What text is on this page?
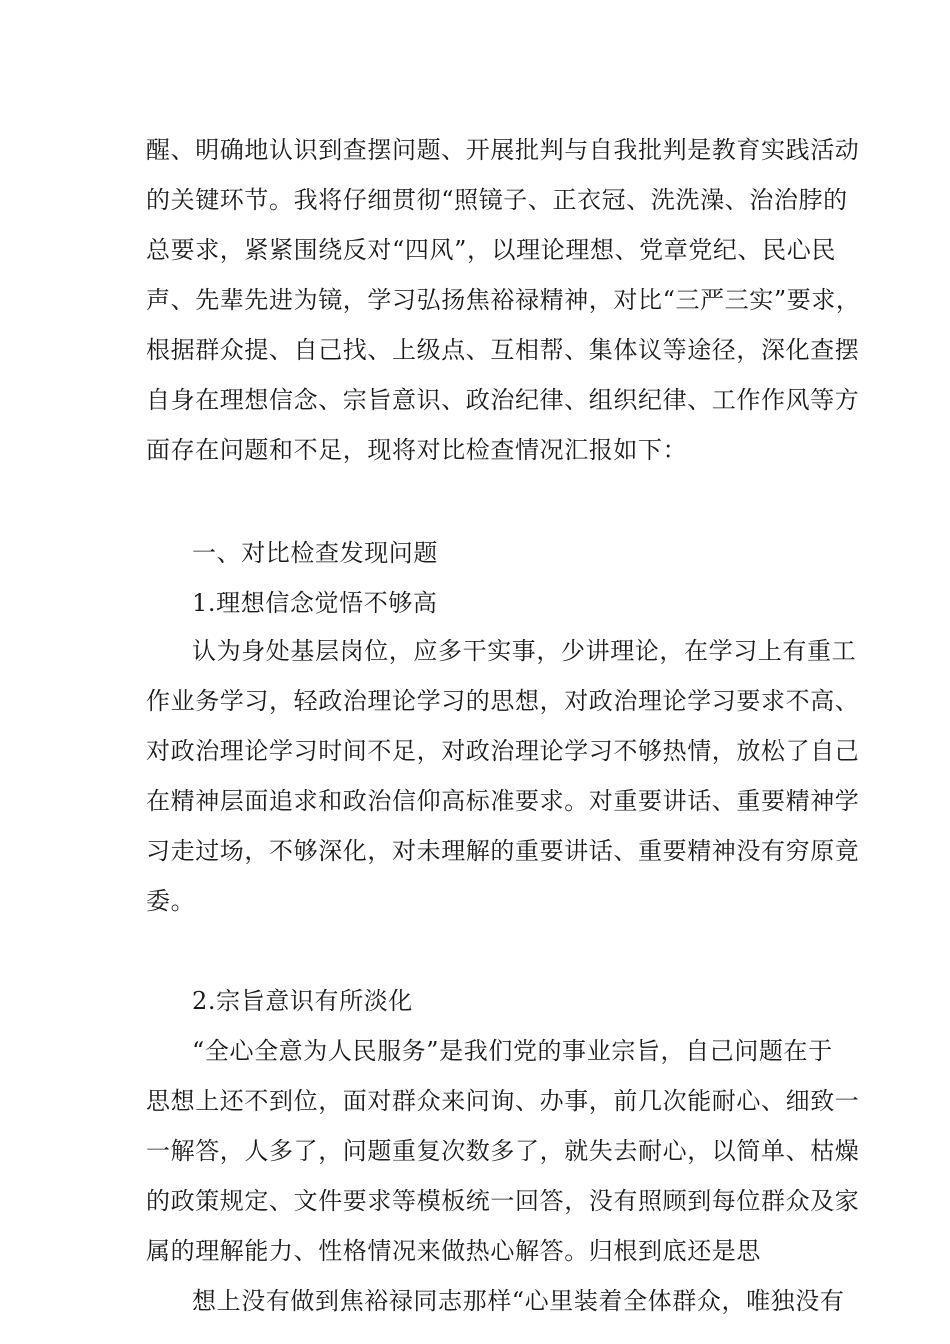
醒、明确地认识到查摆问题、开展批判与自我批判是教育实践活动
的关键环节。我将仔细贯彻“照镜子、正衣冠、洗洗澡、治治脖的
总要求，紧紧围绕反对“四风”，以理论理想、党章党纪、民心民
声、先辈先进为镜，学习弘扬焦裕禄精神，对比“三严三实”要求，
根据群众提、自己找、上级点、互相帮、集体议等途径，深化查摆
自身在理想信念、宗旨意识、政治纪律、组织纪律、工作作风等方
面存在问题和不足，现将对比检查情况汇报如下：
一、对比检查发现问题
1.理想信念觉悟不够高
认为身处基层岗位，应多干实事，少讲理论，在学习上有重工
作业务学习，轻政治理论学习的思想，对政治理论学习要求不高、
对政治理论学习时间不足，对政治理论学习不够热情，放松了自己
在精神层面追求和政治信仰高标准要求。对重要讲话、重要精神学
习走过场，不够深化，对未理解的重要讲话、重要精神没有穷原竟
委。
2.宗旨意识有所淡化
“全心全意为人民服务”是我们党的事业宗旨，自己问题在于
思想上还不到位，面对群众来问询、办事，前几次能耐心、细致一
一解答，人多了，问题重复次数多了，就失去耐心，以简单、枯燥
的政策规定、文件要求等模板统一回答，没有照顾到每位群众及家
属的理解能力、性格情况来做热心解答。归根到底还是思
想上没有做到焦裕禄同志那样“心里装着全体群众，唯独没有
